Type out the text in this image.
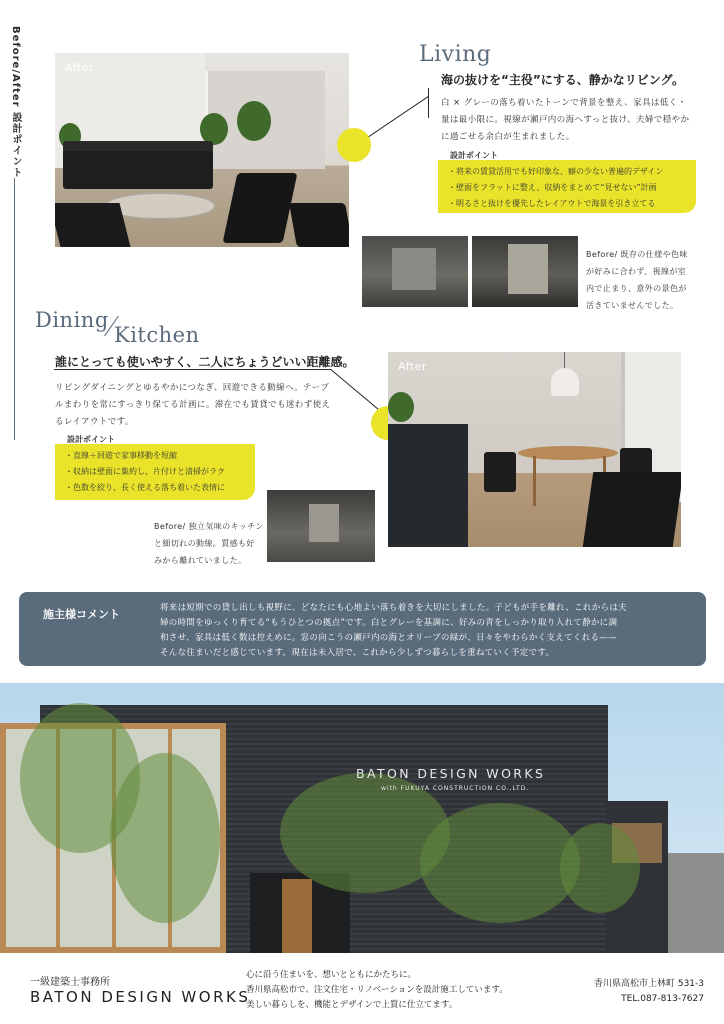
Before/After 設計ポイント	After
Living
海の抜けを“主役”にする、静かなリビング。
白 × グレーの落ち着いたトーンで背景を整え、家具は低く・
量は最小限に。視線が瀬戸内の海へすっと抜け、夫婦で穏やか
に過ごせる余白が生まれました。
設計ポイント
・将来の賃貸活用でも好印象な、癖の少ない普遍的デザイン
・壁面をフラットに整え、収納をまとめて“見せない”計画
・明るさと抜けを優先したレイアウトで海景を引き立てる
Before/ 既存の仕様や色味
が好みに合わず、視線が室
内で止まり、意外の景色が
活きていませんでした。
Dining
Kitchen
誰にとっても使いやすく、二人にちょうどいい距離感。
リビングダイニングとゆるやかにつなぎ、回遊できる動線へ。テーブ
ルまわりを常にすっきり保てる計画に。滞在でも賃貸でも迷わず使え
るレイアウトです。
設計ポイント
・直線＋回遊で家事移動を短縮
・収納は壁面に集約し、片付けと清掃がラク
・色数を絞り、長く使える落ち着いた表情に
Before/ 独立気味のキッチン
と細切れの動線。質感も好
みから離れていました。
After
施主様コメント	将来は短期での貸し出しも視野に、どなたにも心地よい落ち着きを大切にしました。子どもが手を離れ、これからは夫
婦の時間をゆっくり育てる“もうひとつの拠点”です。白とグレーを基調に、好みの青をしっかり取り入れて静かに調
和させ、家具は低く数は控えめに。窓の向こうの瀬戸内の海とオリーブの緑が、日々をやわらかく支えてくれる——
そんな住まいだと感じています。現在は未入居で、これから少しずつ暮らしを重ねていく予定です。
BATON DESIGN WORKS
with FUKUYA CONSTRUCTION CO.,LTD.
一級建築士事務所
BATON DESIGN WORKS
心に沿う住まいを、想いとともにかたちに。
香川県高松市で、注文住宅・リノベーションを設計施工しています。
美しい暮らしを、機能とデザインで上質に仕立てます。
香川県高松市上林町 531-3
TEL.087-813-7627
